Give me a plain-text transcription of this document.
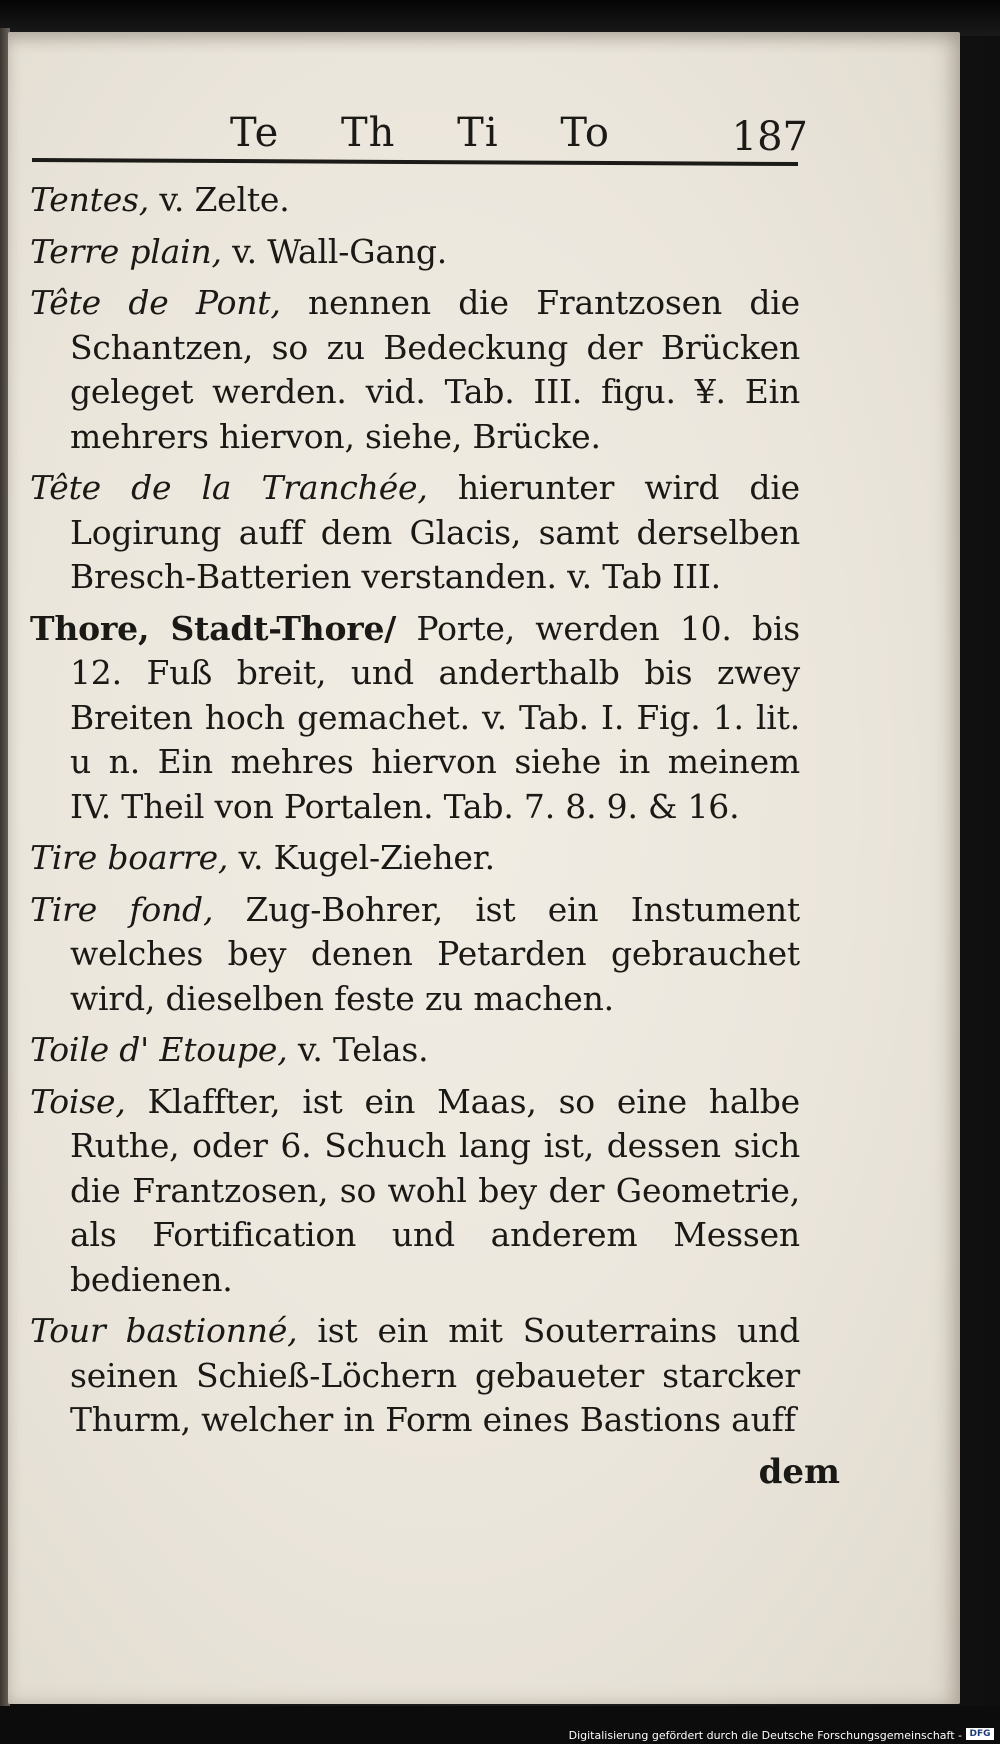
Te Th Ti To	187

Tentes, v. Zelte.

Terre plain, v. Wall-Gang.

Tête de Pont, nennen die Frantzosen die Schantzen, so zu Bedeckung der Brücken geleget werden. vid. Tab. III. figu. ¥. Ein mehrers hiervon, siehe, Brücke.

Tête de la Tranchée, hierunter wird die Logirung auff dem Glacis, samt derselben Bresch-Batterien verstanden. v. Tab III.

Thore, Stadt-Thore/ Porte, werden 10. bis 12. Fuß breit, und anderthalb bis zwey Breiten hoch gemachet. v. Tab. I. Fig. 1. lit. u n. Ein mehres hiervon siehe in meinem IV. Theil von Portalen. Tab. 7. 8. 9. & 16.

Tire boarre, v. Kugel-Zieher.

Tire fond, Zug-Bohrer, ist ein Instument welches bey denen Petarden gebrauchet wird, dieselben feste zu machen.

Toile d' Etoupe, v. Telas.

Toise, Klaffter, ist ein Maas, so eine halbe Ruthe, oder 6. Schuch lang ist, dessen sich die Frantzosen, so wohl bey der Geometrie, als Fortification und anderem Messen bedienen.

Tour bastionné, ist ein mit Souterrains und seinen Schieß-Löchern gebaueter starcker Thurm, welcher in Form eines Bastions auff

dem
Digitalisierung gefördert durch die Deutsche Forschungsgemeinschaft - DFG
